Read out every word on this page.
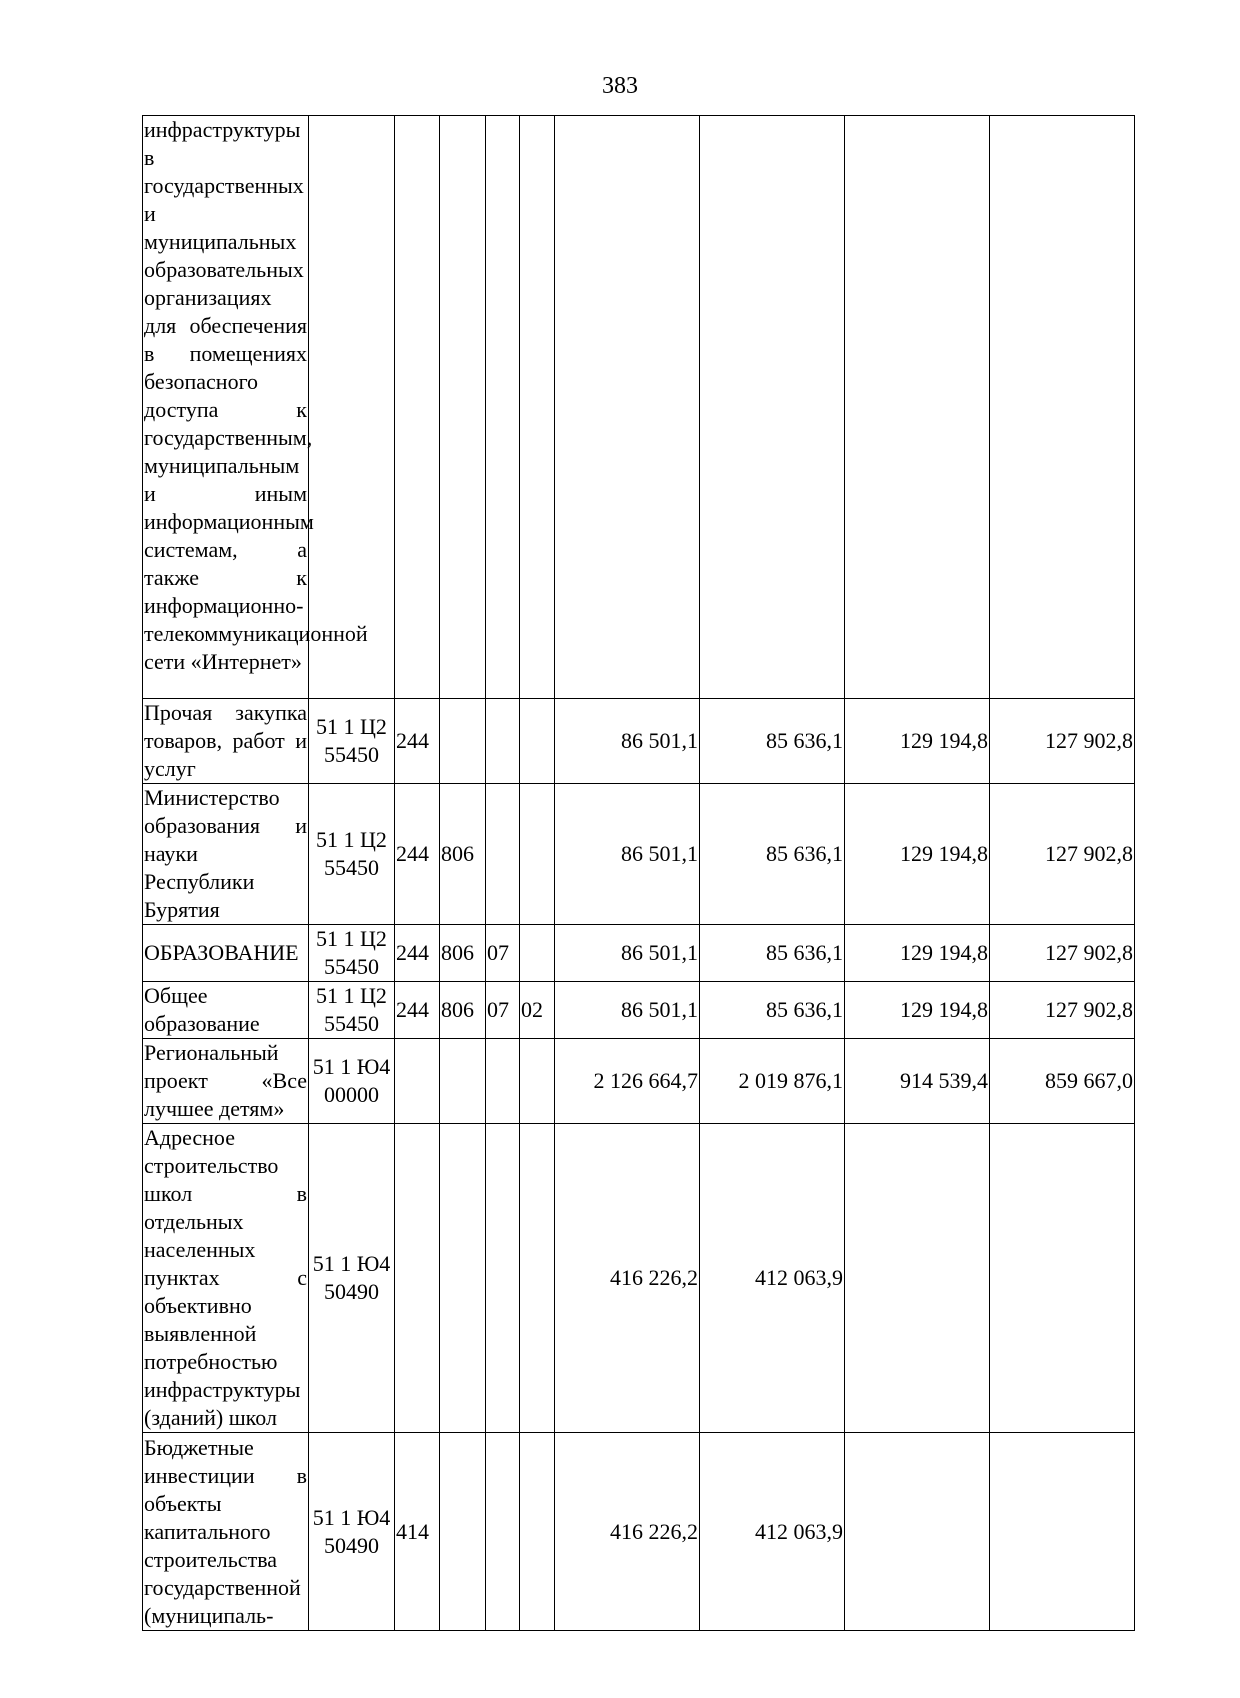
383
инфраструктуры в государственных и муниципальных образовательных организациях для обеспечения в помещениях безопасного доступа к государственным, муниципальным и иным информационным системам, а также к информационно-телекоммуникационной сети «Интернет»									

Прочая закупка товаров, работ и услуг	51 1 Ц2 55450	244				86 501,1	85 636,1	129 194,8	127 902,8
Министерство образования и науки Республики Бурятия	51 1 Ц2 55450	244	806			86 501,1	85 636,1	129 194,8	127 902,8
ОБРАЗОВАНИЕ	51 1 Ц2 55450	244	806	07		86 501,1	85 636,1	129 194,8	127 902,8
Общее образование	51 1 Ц2 55450	244	806	07	02	86 501,1	85 636,1	129 194,8	127 902,8
Региональный проект «Все лучшее детям»	51 1 Ю4 00000					2 126 664,7	2 019 876,1	914 539,4	859 667,0
Адресное строительство школ в отдельных населенных пунктах с объективно выявленной потребностью инфраструктуры (зданий) школ	51 1 Ю4 50490					416 226,2	412 063,9		
Бюджетные инвестиции в объекты капитального строительства государственной (муниципаль-	51 1 Ю4 50490	414				416 226,2	412 063,9		
